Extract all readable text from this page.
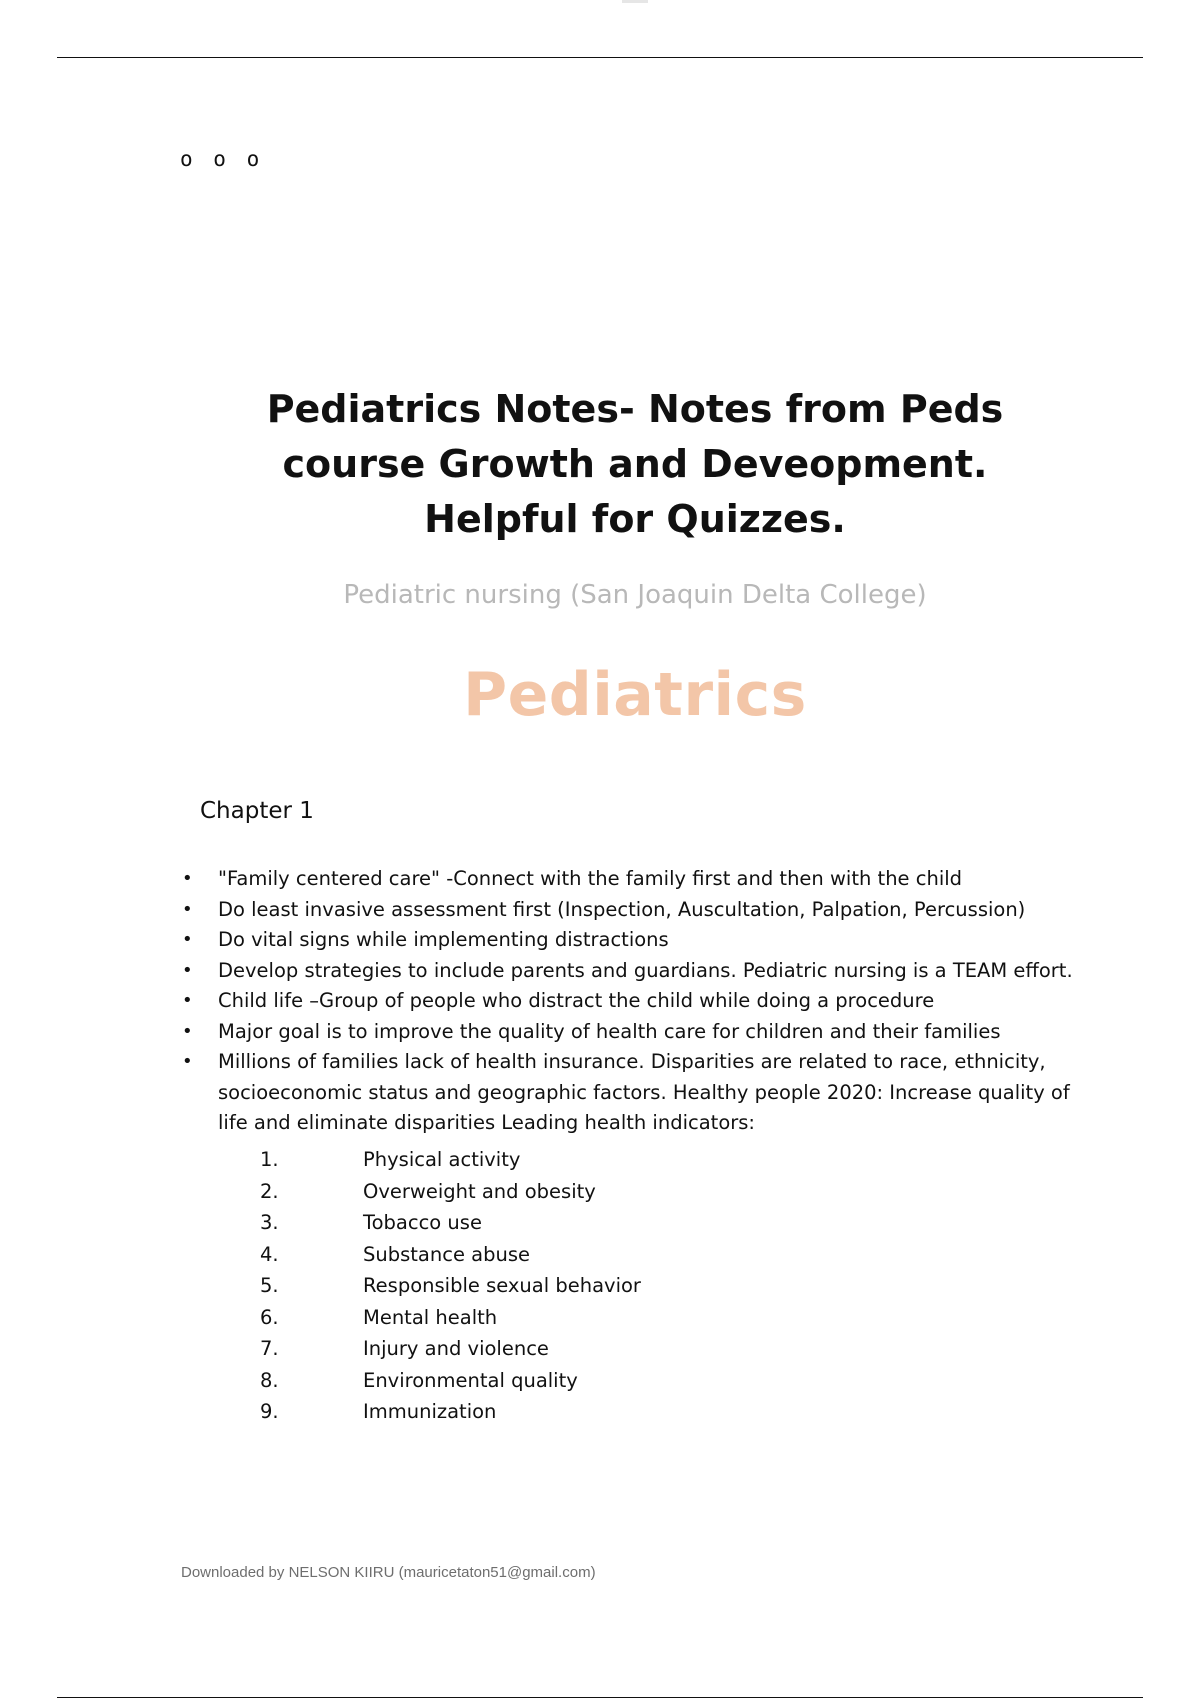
o o o
Pediatrics Notes- Notes from Peds course Growth and Deveopment. Helpful for Quizzes.
Pediatric nursing (San Joaquin Delta College)
Pediatrics
Chapter 1
• "Family centered care" -Connect with the family first and then with the child
• Do least invasive assessment first (Inspection, Auscultation, Palpation, Percussion)
• Do vital signs while implementing distractions
• Develop strategies to include parents and guardians. Pediatric nursing is a TEAM effort.
• Child life –Group of people who distract the child while doing a procedure
• Major goal is to improve the quality of health care for children and their families
• Millions of families lack of health insurance. Disparities are related to race, ethnicity, socioeconomic status and geographic factors. Healthy people 2020: Increase quality of life and eliminate disparities Leading health indicators:
1.	Physical activity
2.	Overweight and obesity
3.	Tobacco use
4.	Substance abuse
5.	Responsible sexual behavior
6.	Mental health
7.	Injury and violence
8.	Environmental quality
9.	Immunization
Downloaded by NELSON KIIRU (mauricetaton51@gmail.com)
